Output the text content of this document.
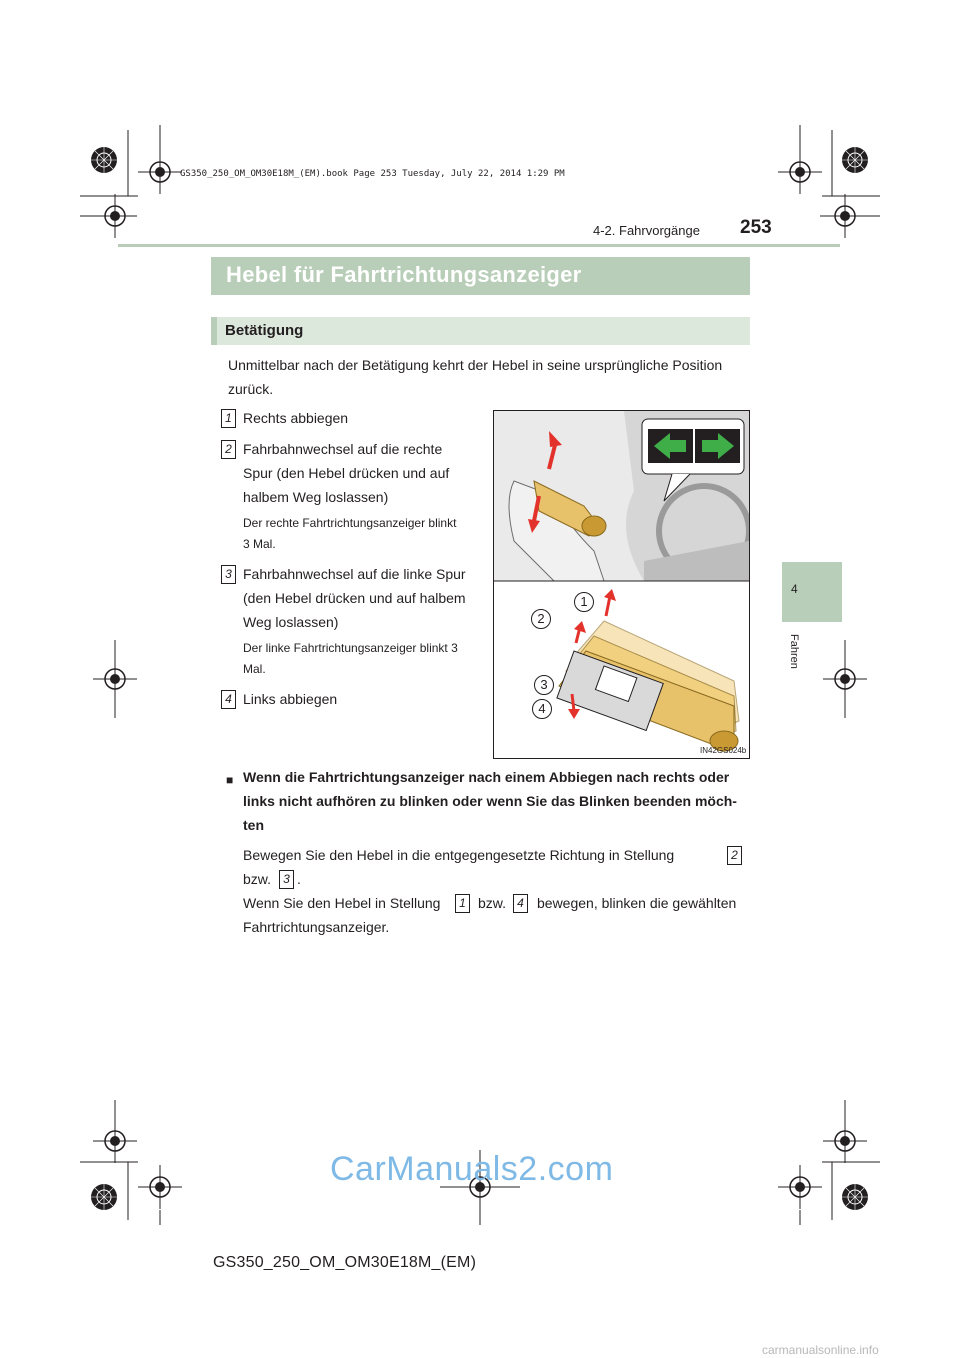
GS350_250_OM_OM30E18M_(EM).book Page 253 Tuesday, July 22, 2014 1:29 PM
4-2. Fahrvorgänge 253
4
Fahren
Hebel für Fahrtrichtungsanzeiger
Betätigung
Unmittelbar nach der Betätigung kehrt der Hebel in seine ursprüngliche Position
zurück.
1 Rechts abbiegen
2 Fahrbahnwechsel auf die rechte
Spur (den Hebel drücken und auf
halbem Weg loslassen)
Der rechte Fahrtrichtungsanzeiger blinkt
3 Mal.
3 Fahrbahnwechsel auf die linke Spur
(den Hebel drücken und auf halbem
Weg loslassen)
Der linke Fahrtrichtungsanzeiger blinkt 3
Mal.
4 Links abbiegen
1
2
3
4
IN42GS024b
■ Wenn die Fahrtrichtungsanzeiger nach einem Abbiegen nach rechts oder
links nicht aufhören zu blinken oder wenn Sie das Blinken beenden möch-
ten
Bewegen Sie den Hebel in die entgegengesetzte Richtung in Stellung	2
bzw.	3 .
Wenn Sie den Hebel in Stellung	1 bzw. 4 bewegen, blinken die gewählten
Fahrtrichtungsanzeiger.
GS350_250_OM_OM30E18M_(EM)
CarManuals2.com
carmanualsonline.info
